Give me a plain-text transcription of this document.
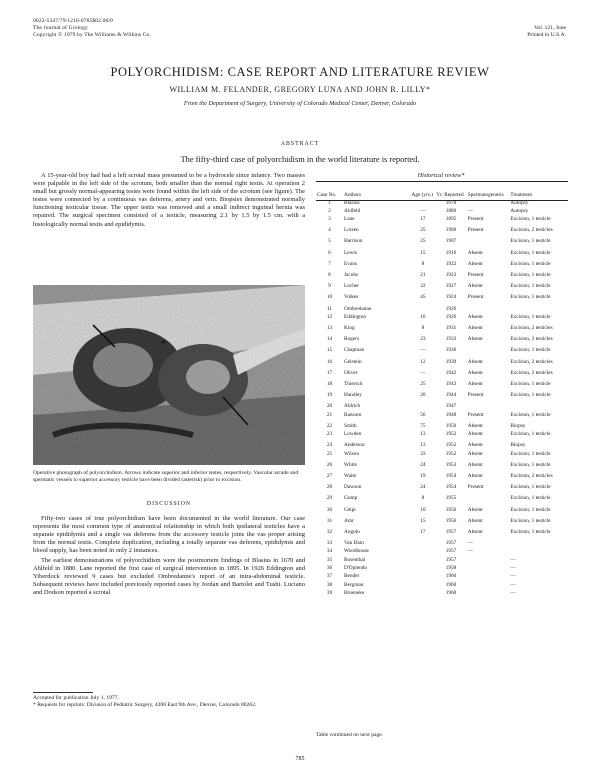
0022-5347/79/1216-0785$02.00/0
The Journal of Urology
Copyright © 1979 by The Williams & Wilkins Co.
Vol. 121, June
Printed in U.S.A.
POLYORCHIDISM: CASE REPORT AND LITERATURE REVIEW
WILLIAM M. FELANDER, GREGORY LUNA AND JOHN R. LILLY*
From the Department of Surgery, University of Colorado Medical Center, Denver, Colorado
ABSTRACT
The fifty-third case of polyorchidism in the world literature is reported.

A 15-year-old boy had had a left scrotal mass presumed to be a hydrocele since infancy. Two masses were palpable in the left side of the scrotum, both smaller than the normal right testis. At operation 2 small but grossly normal-appearing testes were found within the left side of the scrotum (see figure). The testes were connected by a continuous vas deferens, artery and vein. Biopsies demonstrated normally functioning testicular tissue. The upper testis was removed and a small indirect inguinal hernia was repaired. The surgical specimen consisted of a testicle, measuring 2.1 by 1.5 by 1.5 cm. with a histologically normal testis and epididymis.

*
Operative photograph of polyorchidism. Arrows indicate superior and inferior testes, respectively. Vascular arcade and spermatic vessels to superior accessory testicle have been divided (asterisk) prior to excision.
DISCUSSION

Fifty-two cases of true polyorchidism have been documented in the world literature. Our case represents the most common type of anatomical relationship in which both ipsilateral testicles have a separate epididymis and a single vas deferens from the accessory testicle joins the vas proper arising from the normal testis. Complete duplication, including a totally separate vas deferens, epididymis and blood supply, has been noted in only 2 instances.

The earliest demonstrations of polyorchidism were the postmortem findings of Blasius in 1670 and Ahlfeld in 1880. Lane reported the first case of surgical intervention in 1895. In 1926 Eddington and Yiberdock reviewed 9 cases but excluded Ombredanne's report of an intra-abdominal testicle. Subsequent reviews have included previously reported cases by Jordan and Bartolet and Tushi. Luciano and Dodson reported a scrotal

Accepted for publication July 1, 1977.
* Requests for reprints: Division of Pediatric Surgery, 4200 East 9th Ave., Denver, Colorado 80262.
Historical review*
Case No.	Authors	Age (yrs.)	Yr. Reported	Spermatogenesis	Treatment
1	Blasius		1670		Autopsy
2	Ahlfeld	—	1880	—	Autopsy
3	Lane	17	1895	Present	Excision, 1 testicle
4	Lotzen	25	1900	Present	Excision, 2 testicles
5	Harrison	25	1907		Excision, 1 testicle
6	Lewis	15	1916	Absent	Excision, 1 testicle
7	Evans	8	1922	Absent	Excision, 1 testicle
8	Jacobs	21	1923	Present	Excision, 1 testicle
9	Locher	22	1927	Absent	Excision, 1 testicle
10	Volkes	45	1924	Present	Excision, 1 testicle
11	Ombredanne		1926		
12	Eddington	16	1926	Absent	Excision, 1 testicle
13	King	8	1931	Absent	Excision, 2 testicles
14	Rogers	23	1933	Absent	Excision, 2 testicles
15	Chapman	—	1936		Excision, 1 testicle
16	Gelstein	12	1939	Absent	Excision, 2 testicles
17	Oliver	—	1942	Absent	Excision, 2 testicles
18	Thiersch	25	1943	Absent	Excision, 1 testicle
19	Handley	20	1944	Present	Excision, 1 testicle
20	Aldrich		1947		
21	Ransom	56	1948	Present	Excision, 1 testicle
22	Smith	75	1950	Absent	Biopsy
23	Lowden	13	1952	Absent	Excision, 1 testicle
24	Anderson	13	1952	Absent	Biopsy
25	Wilson	33	1952	Absent	Excision, 1 testicle
26	White	24	1953	Absent	Excision, 1 testicle
27	Waite	19	1954	Absent	Excision, 2 testicles
28	Dawson	24	1954	Present	Excision, 1 testicle
29	Gump	8	1955		Excision, 1 testicle
30	Gelpi	10	1956	Absent	Excision, 1 testicle
31	Amr	15	1956	Absent	Excision, 1 testicle
32	Angulo	17	1957	Absent	Excision, 1 testicle
33	Van Dam		1957	—	
34	Woodhouse		1957	—	
35	Rosenthal		1957		—
36	D'Oplendo		1958		—
37	Bender		1960		—
38	Bergman		1960		—
39	Brueneke		1960		—
Table continued on next page.
785
